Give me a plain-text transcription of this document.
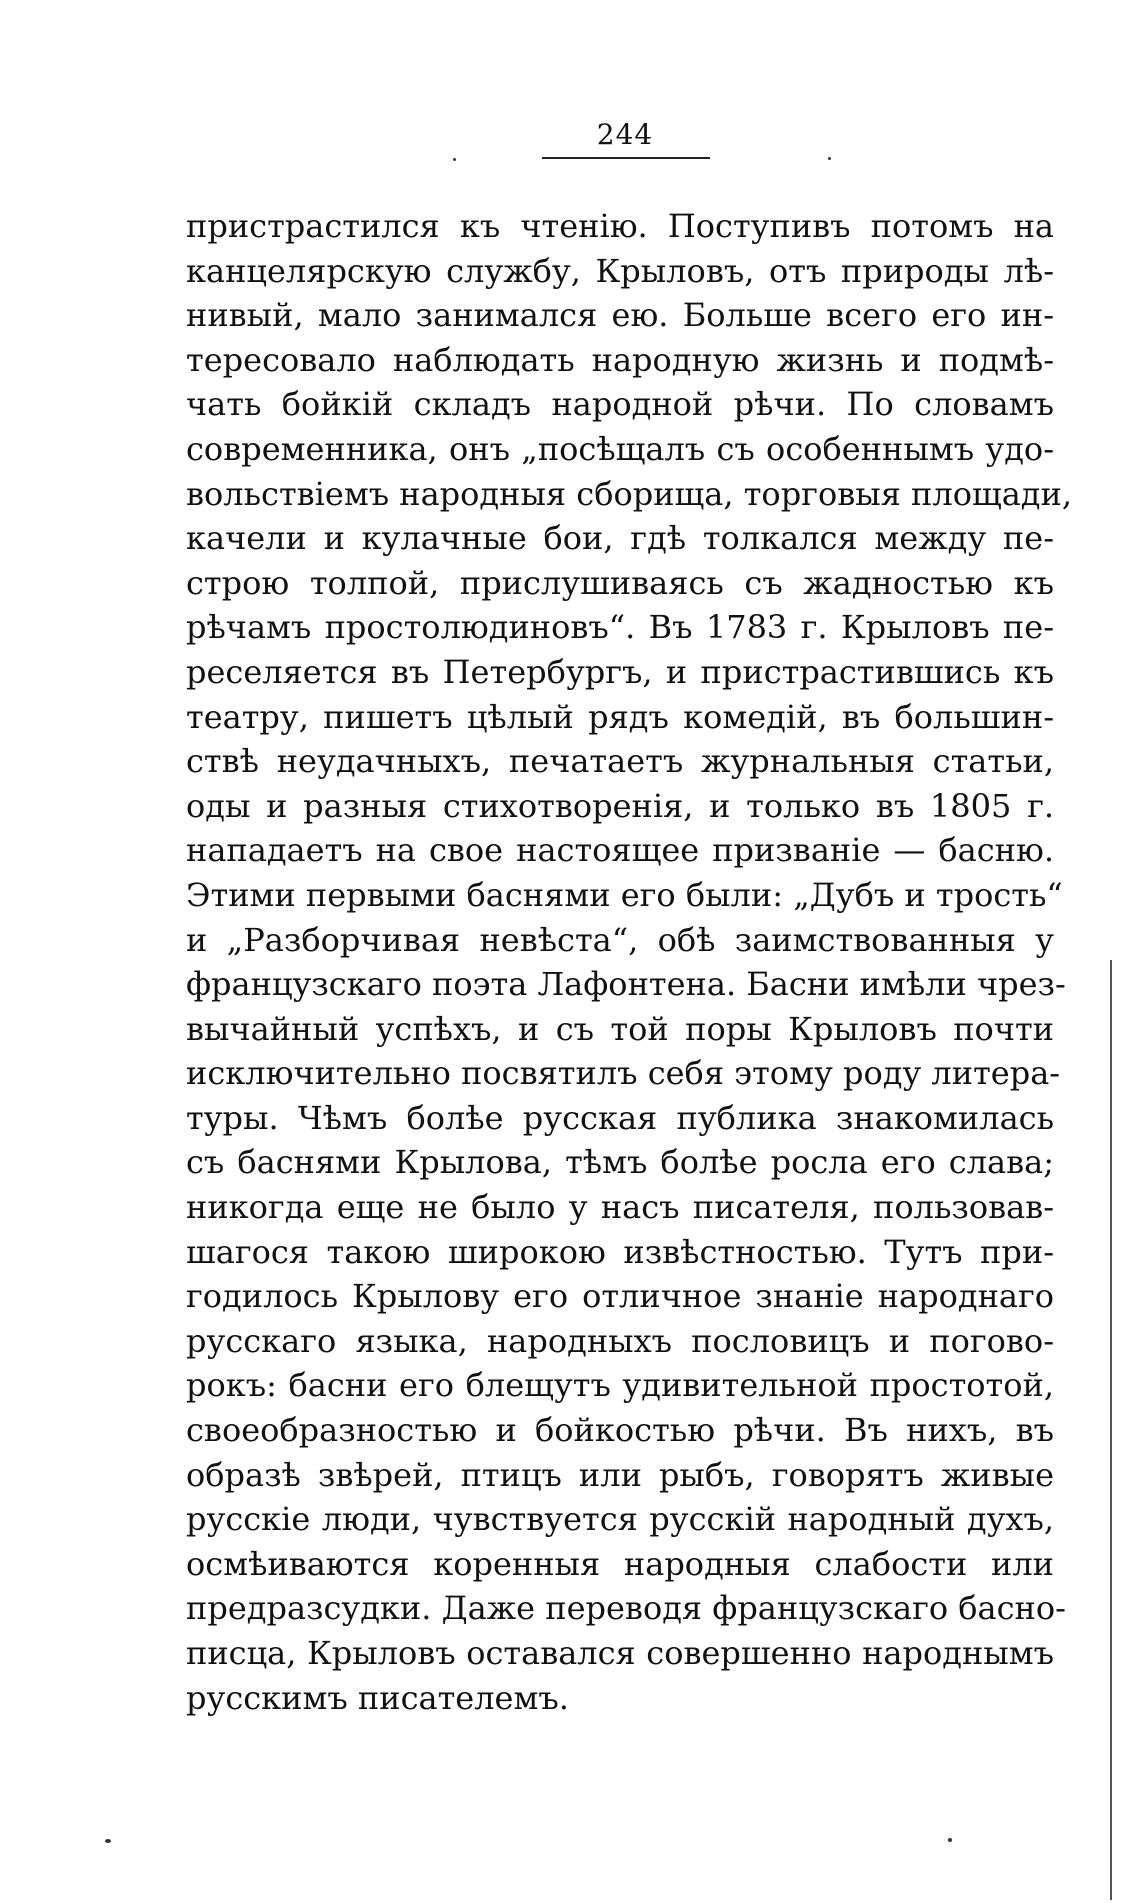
244
пристрастился къ чтенію. Поступивъ потомъ на
канцелярскую службу, Крыловъ, отъ природы лѣ-
нивый, мало занимался ею. Больше всего его ин-
тересовало наблюдать народную жизнь и подмѣ-
чать бойкій складъ народной рѣчи. По словамъ
современника, онъ „посѣщалъ съ особеннымъ удо-
вольствіемъ народныя сборища, торговыя площади,
качели и кулачные бои, гдѣ толкался между пе-
строю толпой, прислушиваясь съ жадностью къ
рѣчамъ простолюдиновъ“. Въ 1783 г. Крыловъ пе-
реселяется въ Петербургъ, и пристрастившись къ
театру, пишетъ цѣлый рядъ комедій, въ большин-
ствѣ неудачныхъ, печатаетъ журнальныя статьи,
оды и разныя стихотворенія, и только въ 1805 г.
нападаетъ на свое настоящее призваніе — басню.
Этими первыми баснями его были: „Дубъ и трость“
и „Разборчивая невѣста“, обѣ заимствованныя у
французскаго поэта Лафонтена. Басни имѣли чрез-
вычайный успѣхъ, и съ той поры Крыловъ почти
исключительно посвятилъ себя этому роду литера-
туры. Чѣмъ болѣе русская публика знакомилась
съ баснями Крылова, тѣмъ болѣе росла его слава;
никогда еще не было у насъ писателя, пользовав-
шагося такою широкою извѣстностью. Тутъ при-
годилось Крылову его отличное знаніе народнаго
русскаго языка, народныхъ пословицъ и погово-
рокъ: басни его блещутъ удивительной простотой,
своеобразностью и бойкостью рѣчи. Въ нихъ, въ
образѣ звѣрей, птицъ или рыбъ, говорятъ живые
русскіе люди, чувствуется русскій народный духъ,
осмѣиваются коренныя народныя слабости или
предразсудки. Даже переводя французскаго басно-
писца, Крыловъ оставался совершенно народнымъ
русскимъ писателемъ.
